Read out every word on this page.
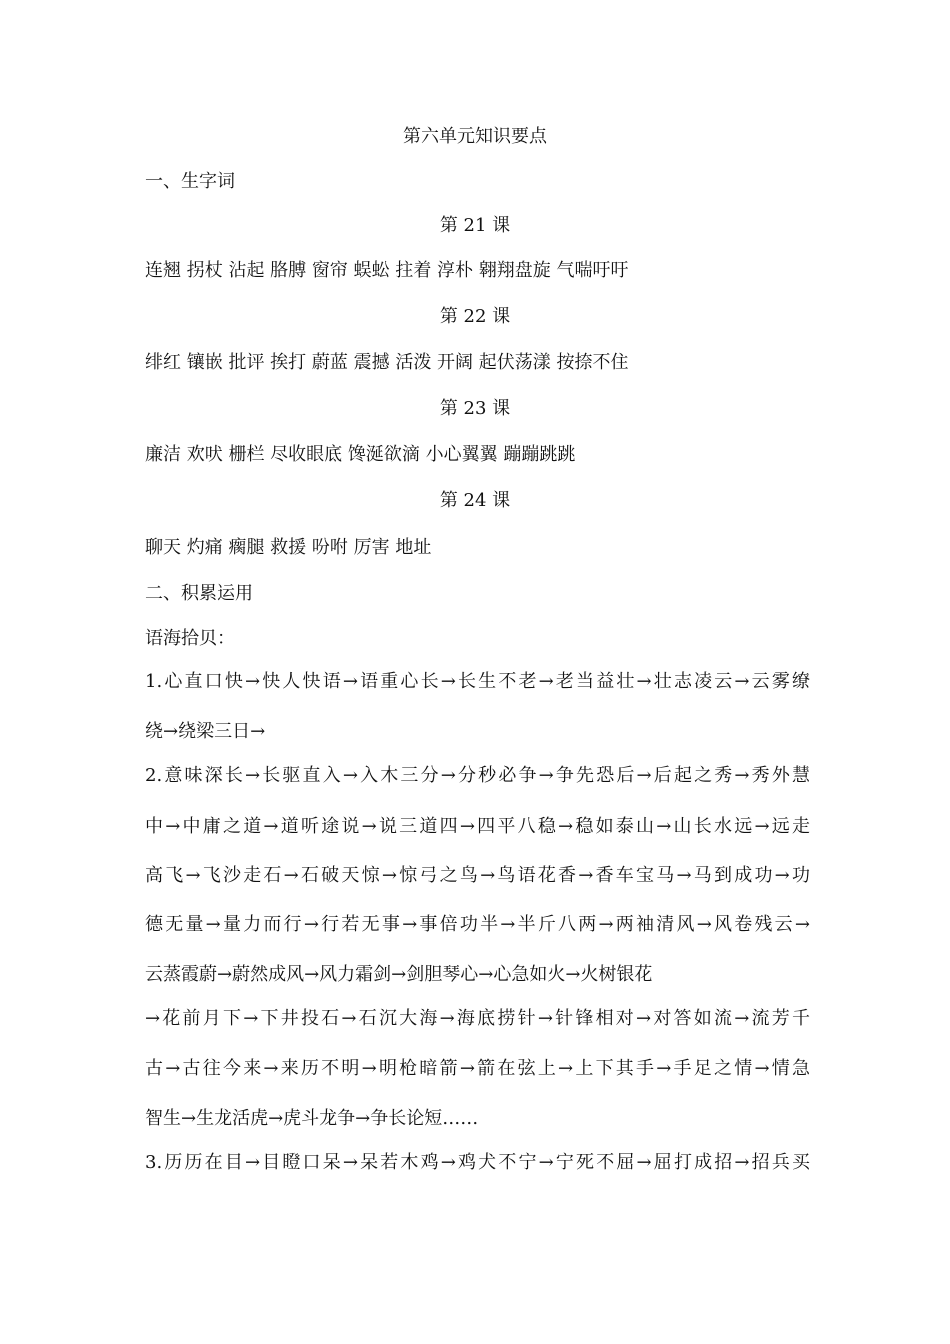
第六单元知识要点
一、生字词
第 21 课
连翘 拐杖 沾起 胳膊 窗帘 蜈蚣 拄着 淳朴 翱翔盘旋 气喘吁吁
第 22 课
绯红 镶嵌 批评 挨打 蔚蓝 震撼 活泼 开阔 起伏荡漾 按捺不住
第 23 课
廉洁 欢吠 栅栏 尽收眼底 馋涎欲滴 小心翼翼 蹦蹦跳跳
第 24 课
聊天 灼痛 瘸腿 救援 吩咐 厉害 地址
二、积累运用
语海拾贝：
1.心直口快→快人快语→语重心长→长生不老→老当益壮→壮志凌云→云雾缭
绕→绕梁三日→
2.意味深长→长驱直入→入木三分→分秒必争→争先恐后→后起之秀→秀外慧
中→中庸之道→道听途说→说三道四→四平八稳→稳如泰山→山长水远→远走
高飞→飞沙走石→石破天惊→惊弓之鸟→鸟语花香→香车宝马→马到成功→功
德无量→量力而行→行若无事→事倍功半→半斤八两→两袖清风→风卷残云→
云蒸霞蔚→蔚然成风→风力霜剑→剑胆琴心→心急如火→火树银花
→花前月下→下井投石→石沉大海→海底捞针→针锋相对→对答如流→流芳千
古→古往今来→来历不明→明枪暗箭→箭在弦上→上下其手→手足之情→情急
智生→生龙活虎→虎斗龙争→争长论短……
3.历历在目→目瞪口呆→呆若木鸡→鸡犬不宁→宁死不屈→屈打成招→招兵买
